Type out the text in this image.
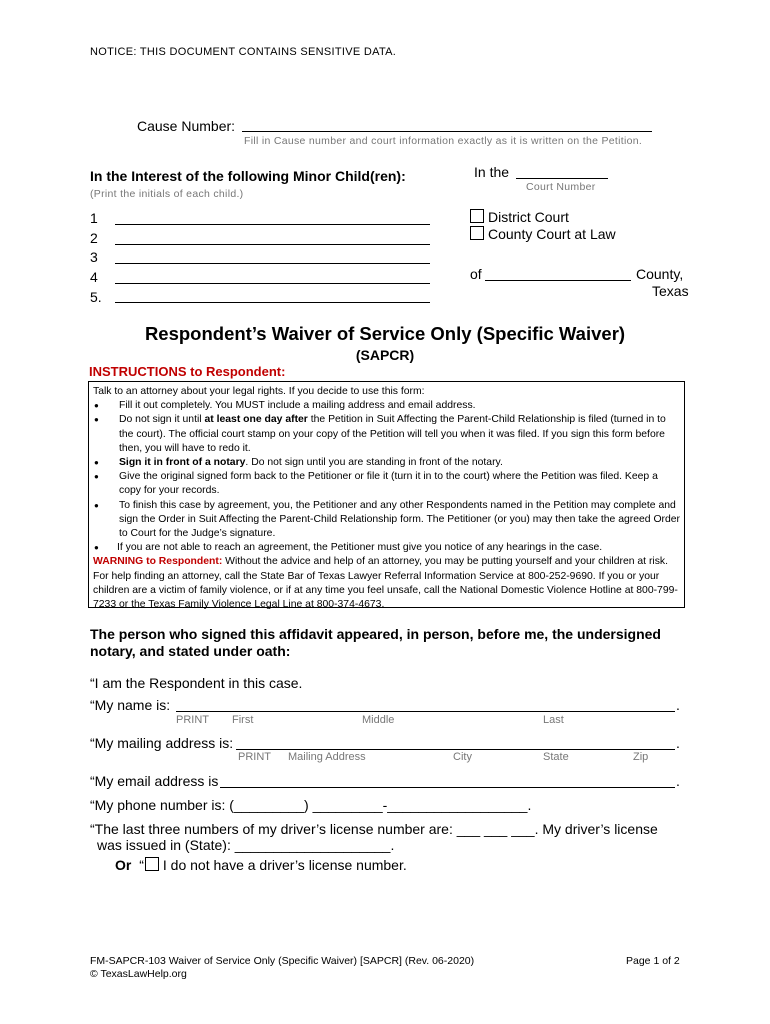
NOTICE: THIS DOCUMENT CONTAINS SENSITIVE DATA.
Cause Number:
Fill in Cause number and court information exactly as it is written on the Petition.
In the Interest of the following Minor Child(ren):
(Print the initials of each child.)
1
2
3
4
5.
In the
Court Number
District Court
County Court at Law
of	County,
Texas
Respondent’s Waiver of Service Only (Specific Waiver)
(SAPCR)
INSTRUCTIONS to Respondent:
Talk to an attorney about your legal rights. If you decide to use this form:
● Fill it out completely. You MUST include a mailing address and email address.
● Do not sign it until at least one day after the Petition in Suit Affecting the Parent-Child Relationship is filed (turned in to the court). The official court stamp on your copy of the Petition will tell you when it was filed. If you sign this form before then, you will have to redo it.
● Sign it in front of a notary. Do not sign until you are standing in front of the notary.
● Give the original signed form back to the Petitioner or file it (turn it in to the court) where the Petition was filed. Keep a copy for your records.
● To finish this case by agreement, you, the Petitioner and any other Respondents named in the Petition may complete and sign the Order in Suit Affecting the Parent-Child Relationship form. The Petitioner (or you) may then take the agreed Order to Court for the Judge’s signature.
● If you are not able to reach an agreement, the Petitioner must give you notice of any hearings in the case.
WARNING to Respondent: Without the advice and help of an attorney, you may be putting yourself and your children at risk. For help finding an attorney, call the State Bar of Texas Lawyer Referral Information Service at 800-252-9690. If you or your children are a victim of family violence, or if at any time you feel unsafe, call the National Domestic Violence Hotline at 800-799-7233 or the Texas Family Violence Legal Line at 800-374-4673.
The person who signed this affidavit appeared, in person, before me, the undersigned
notary, and stated under oath:
“I am the Respondent in this case.
“My name is:	.
PRINT First	Middle	Last
“My mailing address is:	.
PRINT Mailing Address	City	State	Zip
“My email address is	.
“My phone number is: (_________) _________-__________________.
“The last three numbers of my driver’s license number are: ___ ___ ___. My driver’s license
was issued in (State): ____________________.
Or “ I do not have a driver’s license number.
FM-SAPCR-103 Waiver of Service Only (Specific Waiver) [SAPCR] (Rev. 06-2020)
© TexasLawHelp.org
Page 1 of 2
